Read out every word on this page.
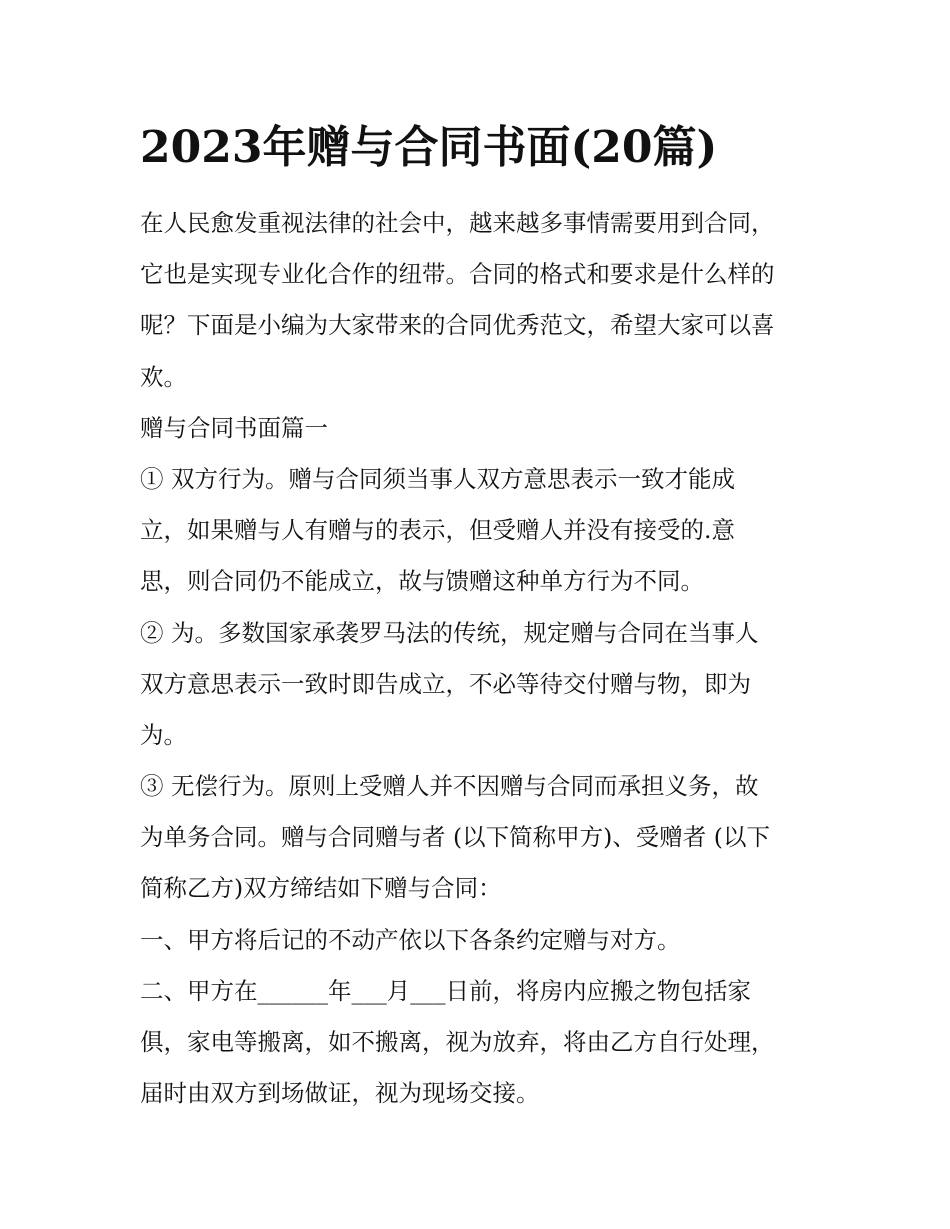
2023年赠与合同书面(20篇)

在人民愈发重视法律的社会中，越来越多事情需要用到合同，

它也是实现专业化合作的纽带。合同的格式和要求是什么样的

呢？下面是小编为大家带来的合同优秀范文，希望大家可以喜

欢。

赠与合同书面篇一

① 双方行为。赠与合同须当事人双方意思表示一致才能成

立，如果赠与人有赠与的表示，但受赠人并没有接受的.意

思，则合同仍不能成立，故与馈赠这种单方行为不同。

② 为。多数国家承袭罗马法的传统，规定赠与合同在当事人

双方意思表示一致时即告成立，不必等待交付赠与物，即为

为。

③ 无偿行为。原则上受赠人并不因赠与合同而承担义务，故

为单务合同。赠与合同赠与者 (以下简称甲方)、受赠者 (以下

简称乙方)双方缔结如下赠与合同：

一、甲方将后记的不动产依以下各条约定赠与对方。

二、甲方在______年___月___日前，将房内应搬之物包括家

俱，家电等搬离，如不搬离，视为放弃，将由乙方自行处理，

届时由双方到场做证，视为现场交接。
